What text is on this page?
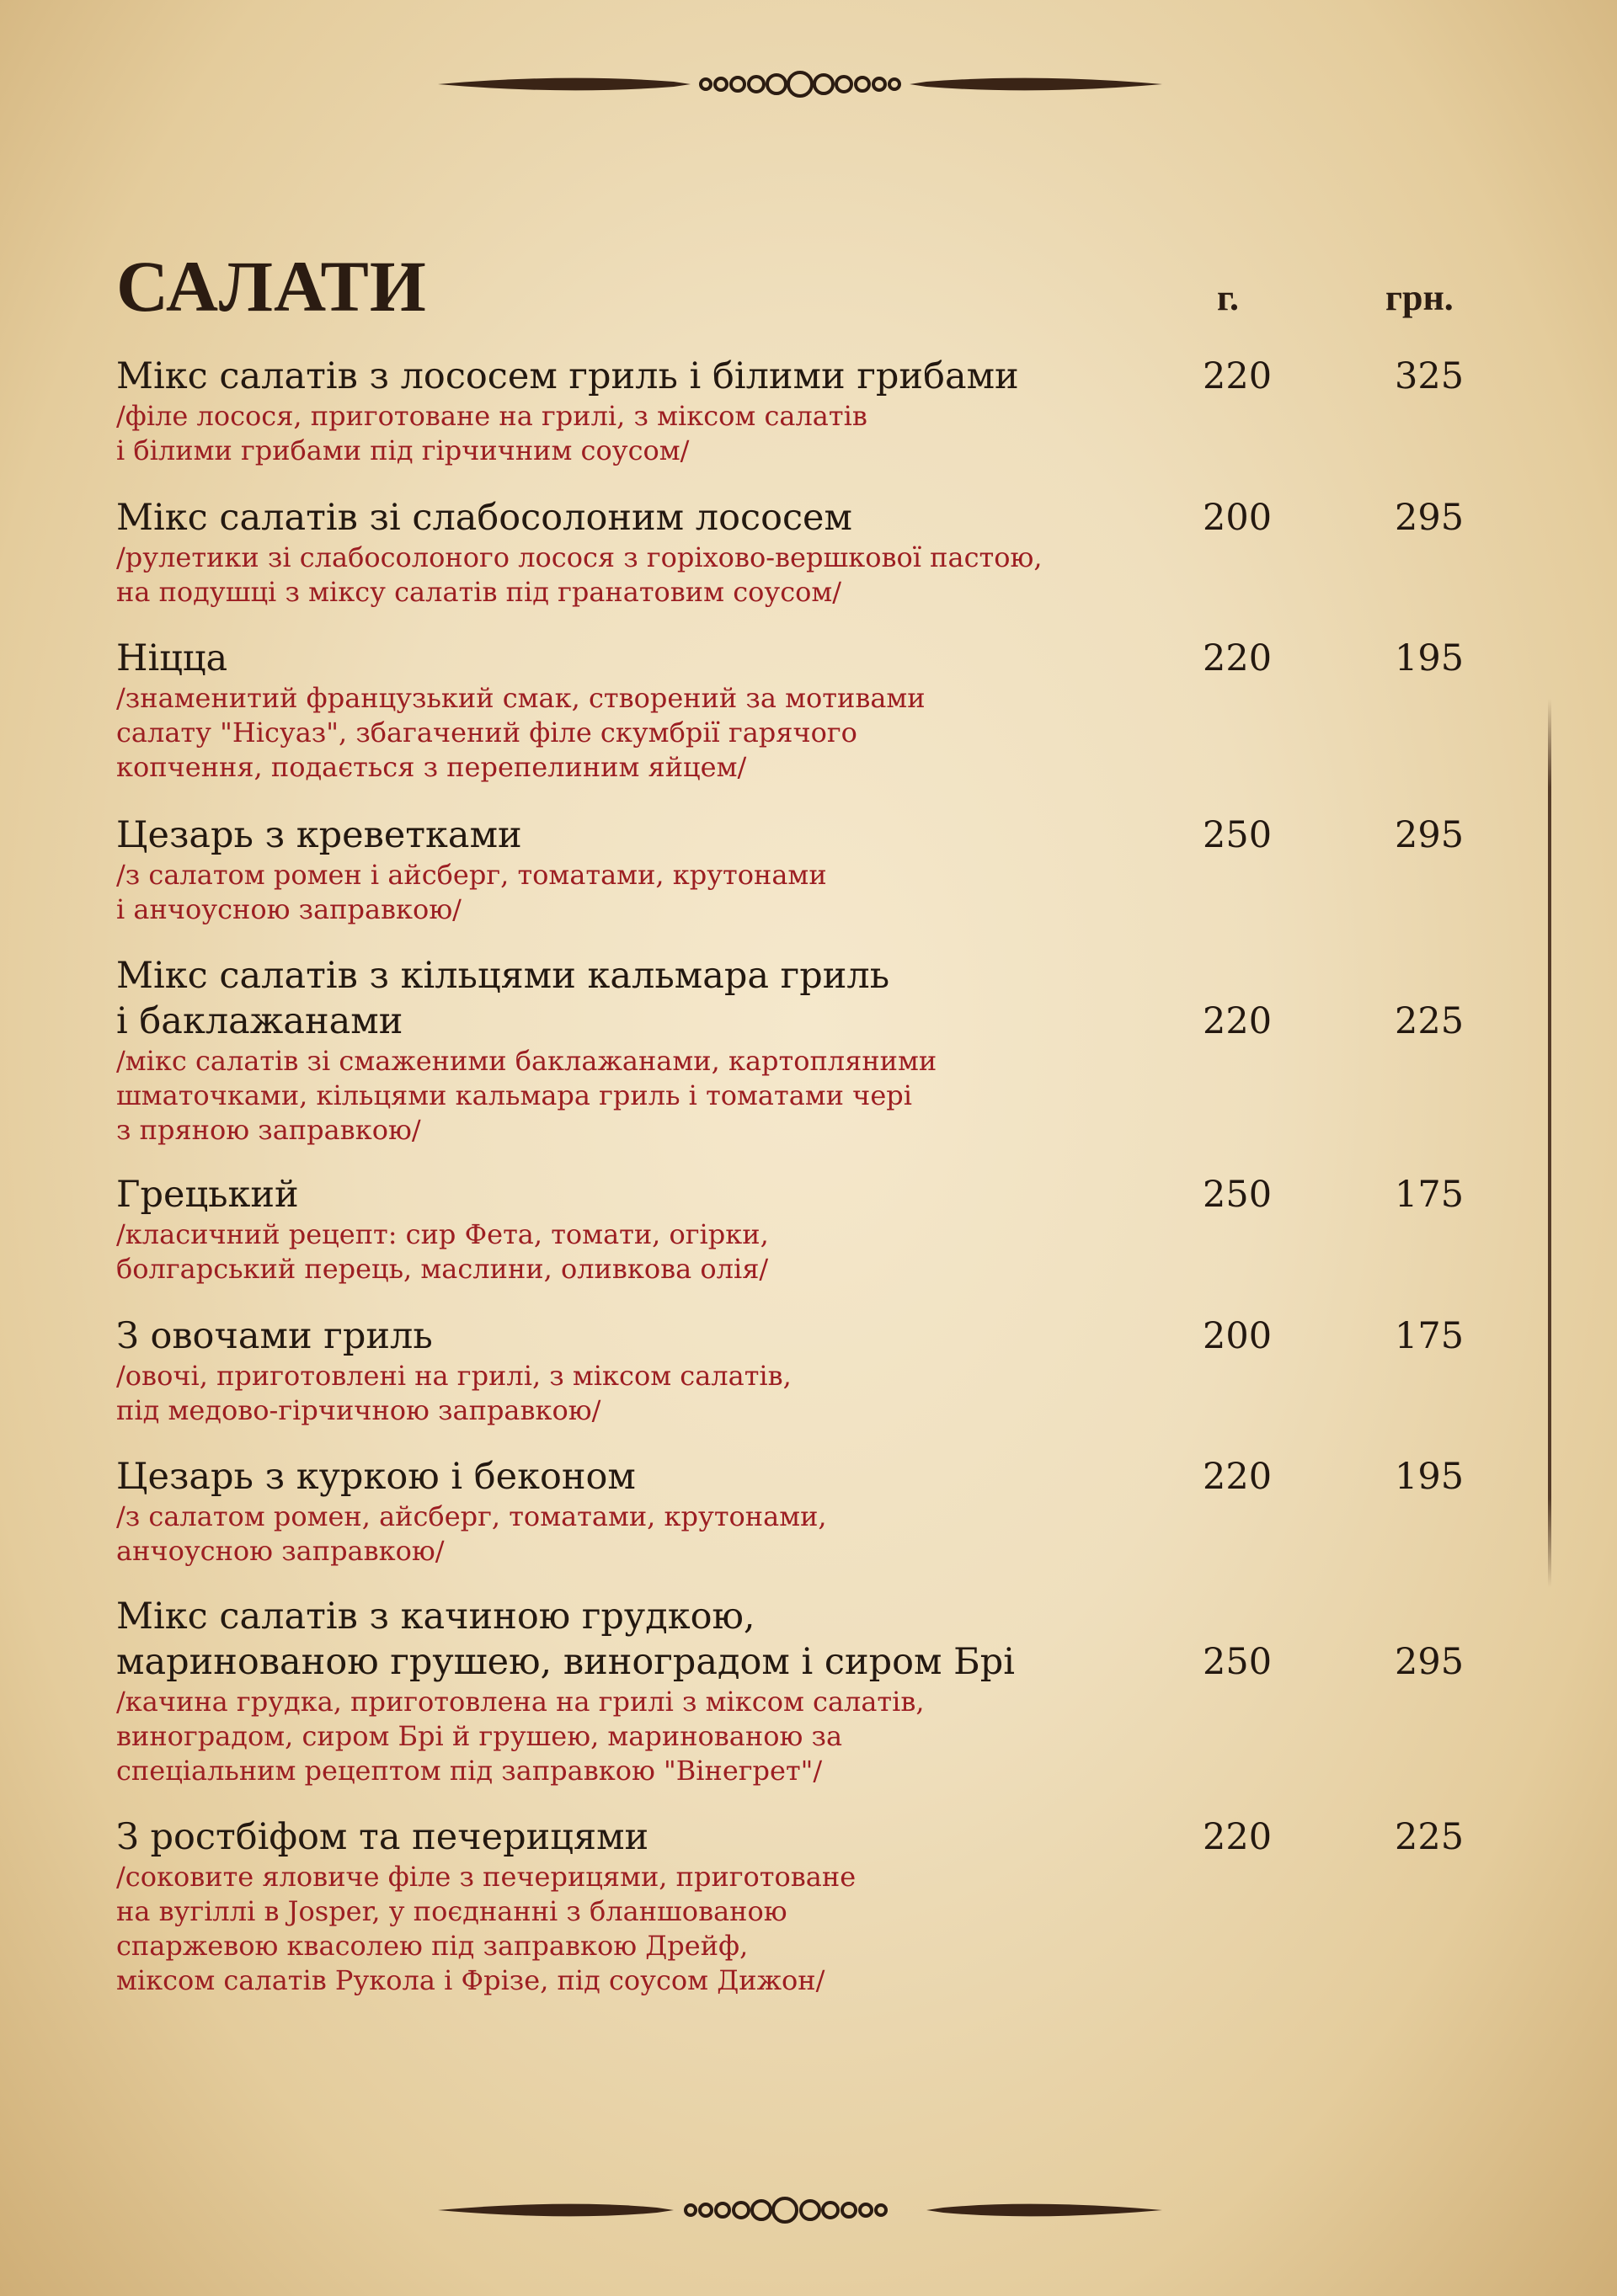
САЛАТИ	г.	грн.
Мікс салатів з лососем гриль і білими грибами
/філе лосося, приготоване на грилі, з міксом салатів
і білими грибами під гірчичним соусом/
220	325
Мікс салатів зі слабосолоним лососем
/рулетики зі слабосолоного лосося з горіхово-вершкової пастою,
на подушці з міксу салатів під гранатовим соусом/
200	295
Ніцца
/знаменитий французький смак, створений за мотивами
салату "Нісуаз", збагачений філе скумбрії гарячого
копчення, подається з перепелиним яйцем/
220	195
Цезарь з креветками
/з салатом ромен і айсберг, томатами, крутонами
і анчоусною заправкою/
250	295
Мікс салатів з кільцями кальмара гриль
і баклажанами
/мікс салатів зі смаженими баклажанами, картопляними
шматочками, кільцями кальмара гриль і томатами чері
з пряною заправкою/
220	225
Грецький
/класичний рецепт: сир Фета, томати, огірки,
болгарський перець, маслини, оливкова олія/
250	175
З овочами гриль
/овочі, приготовлені на грилі, з міксом салатів,
під медово-гірчичною заправкою/
200	175
Цезарь з куркою і беконом
/з салатом ромен, айсберг, томатами, крутонами,
анчоусною заправкою/
220	195
Мікс салатів з качиною грудкою,
маринованою грушею, виноградом і сиром Брі
/качина грудка, приготовлена на грилі з міксом салатів,
виноградом, сиром Брі й грушею, маринованою за
спеціальним рецептом під заправкою "Вінегрет"/
250	295
З ростбіфом та печерицями
/соковите яловиче філе з печерицями, приготоване
на вугіллі в Josper, у поєднанні з бланшованою
спаржевою квасолею під заправкою Дрейф,
міксом салатів Рукола і Фрізе, під соусом Дижон/
220	225
